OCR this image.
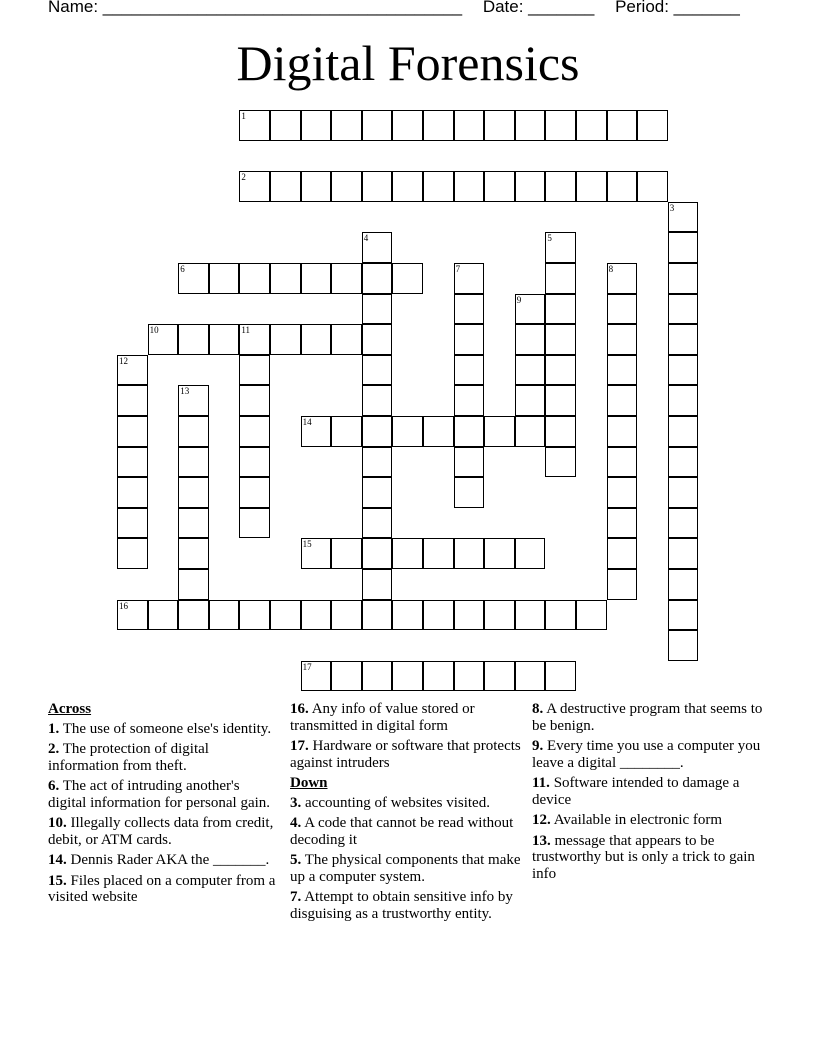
Name: ______________________________________ Date: _______ Period: _______
Digital Forensics
1
2
3
4	5
6	7	8
9
10	11
12
13
14
15
16
17
Across
1. The use of someone else's identity.
2. The protection of digital information from theft.
6. The act of intruding another's digital information for personal gain.
10. Illegally collects data from credit, debit, or ATM cards.
14. Dennis Rader AKA the _______.
15. Files placed on a computer from a visited website
16. Any info of value stored or transmitted in digital form
17. Hardware or software that protects against intruders
Down
3. accounting of websites visited.
4. A code that cannot be read without decoding it
5. The physical components that make up a computer system.
7. Attempt to obtain sensitive info by disguising as a trustworthy entity.
8. A destructive program that seems to be benign.
9. Every time you use a computer you leave a digital ________.
11. Software intended to damage a device
12. Available in electronic form
13. message that appears to be trustworthy but is only a trick to gain info
